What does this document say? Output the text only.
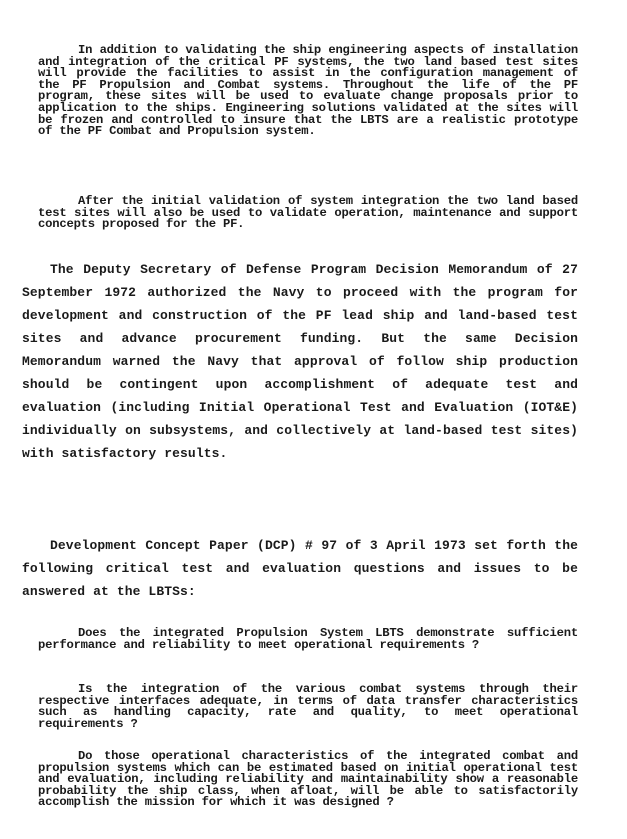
In addition to validating the ship engineering aspects of installation and integration of the critical PF systems, the two land based test sites will provide the facilities to assist in the configuration management of the PF Propulsion and Combat systems. Throughout the life of the PF program, these sites will be used to evaluate change proposals prior to application to the ships. Engineering solutions validated at the sites will be frozen and controlled to insure that the LBTS are a realistic prototype of the PF Combat and Propulsion system.

After the initial validation of system integration the two land based test sites will also be used to validate operation, maintenance and support concepts proposed for the PF.

The Deputy Secretary of Defense Program Decision Memorandum of 27 September 1972 authorized the Navy to proceed with the program for development and construction of the PF lead ship and land-based test sites and advance procurement funding. But the same Decision Memorandum warned the Navy that approval of follow ship production should be contingent upon accomplishment of adequate test and evaluation (including Initial Operational Test and Evaluation (IOT&E) individually on subsystems, and collectively at land-based test sites) with satisfactory results.

Development Concept Paper (DCP) # 97 of 3 April 1973 set forth the following critical test and evaluation questions and issues to be answered at the LBTSs:

Does the integrated Propulsion System LBTS demonstrate sufficient performance and reliability to meet operational requirements ?

Is the integration of the various combat systems through their respective interfaces adequate, in terms of data transfer characteristics such as handling capacity, rate and quality, to meet operational requirements ?

Do those operational characteristics of the integrated combat and propulsion systems which can be estimated based on initial operational test and evaluation, including reliability and maintainability show a reasonable probability the ship class, when afloat, will be able to satisfactorily accomplish the mission for which it was designed ?
